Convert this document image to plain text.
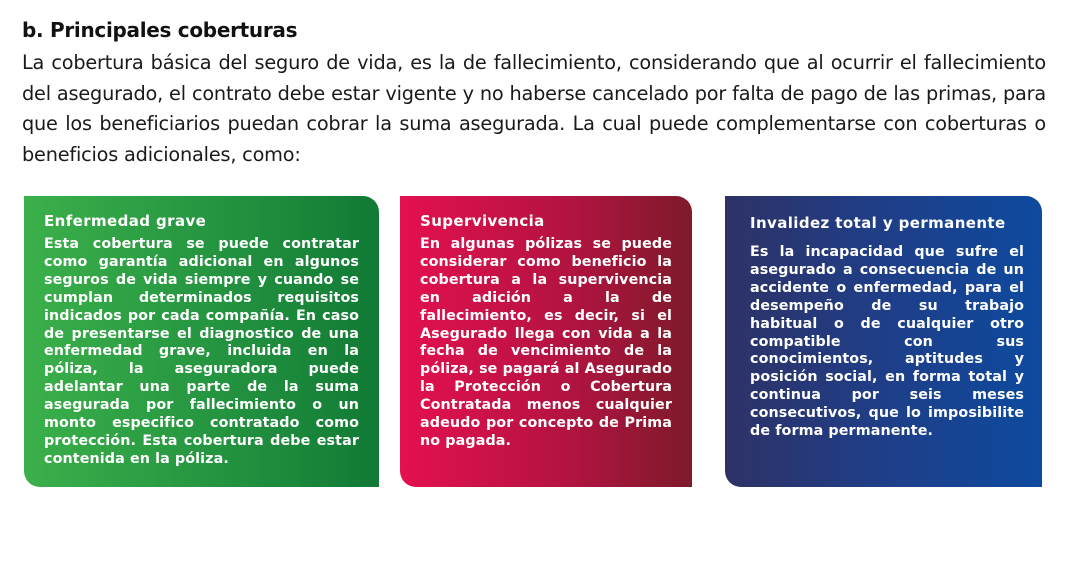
b. Principales coberturas

La cobertura básica del seguro de vida, es la de fallecimiento, considerando que al ocurrir el fallecimiento del asegurado, el contrato debe estar vigente y no haberse cancelado por falta de pago de las primas, para que los beneficiarios puedan cobrar la suma asegurada. La cual puede complementarse con coberturas o beneficios adicionales, como:

Enfermedad grave
Esta cobertura se puede contratar como garantía adicional en algunos seguros de vida siempre y cuando se cumplan determinados requisitos indicados por cada compañía. En caso de presentarse el diagnostico de una enfermedad grave, incluida en la póliza, la aseguradora puede adelantar una parte de la suma asegurada por fallecimiento o un monto especifico contratado como protección. Esta cobertura debe estar contenida en la póliza.
Supervivencia
En algunas pólizas se puede considerar como beneficio la cobertura a la supervivencia en adición a la de fallecimiento, es decir, si el Asegurado llega con vida a la fecha de vencimiento de la póliza, se pagará al Asegurado la Protección o Cobertura Contratada menos cualquier adeudo por concepto de Prima no pagada.
Invalidez total y permanente
Es la incapacidad que sufre el asegurado a consecuencia de un accidente o enfermedad, para el desempeño de su trabajo habitual o de cualquier otro compatible con sus conocimientos, aptitudes y posición social, en forma total y continua por seis meses consecutivos, que lo imposibilite de forma permanente.
